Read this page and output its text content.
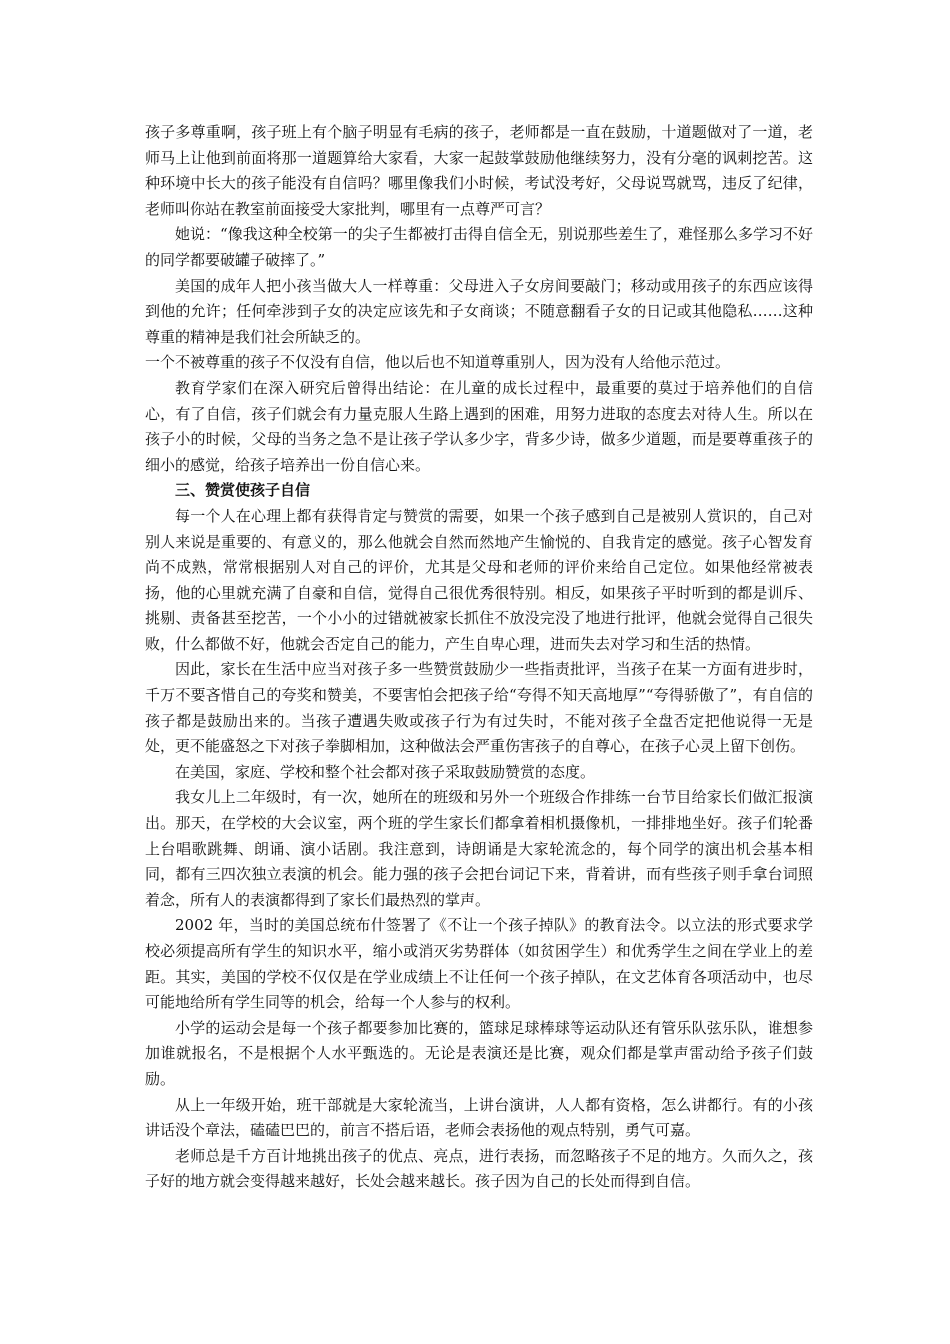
孩子多尊重啊，孩子班上有个脑子明显有毛病的孩子，老师都是一直在鼓励，十道题做对了一道，老师马上让他到前面将那一道题算给大家看，大家一起鼓掌鼓励他继续努力，没有分毫的讽刺挖苦。这种环境中长大的孩子能没有自信吗？哪里像我们小时候，考试没考好，父母说骂就骂，违反了纪律，老师叫你站在教室前面接受大家批判，哪里有一点尊严可言？

她说：“像我这种全校第一的尖子生都被打击得自信全无，别说那些差生了，难怪那么多学习不好的同学都要破罐子破摔了。”

美国的成年人把小孩当做大人一样尊重：父母进入子女房间要敲门；移动或用孩子的东西应该得到他的允许；任何牵涉到子女的决定应该先和子女商谈；不随意翻看子女的日记或其他隐私……这种尊重的精神是我们社会所缺乏的。

一个不被尊重的孩子不仅没有自信，他以后也不知道尊重别人，因为没有人给他示范过。

教育学家们在深入研究后曾得出结论：在儿童的成长过程中，最重要的莫过于培养他们的自信心，有了自信，孩子们就会有力量克服人生路上遇到的困难，用努力进取的态度去对待人生。所以在孩子小的时候，父母的当务之急不是让孩子学认多少字，背多少诗，做多少道题，而是要尊重孩子的细小的感觉，给孩子培养出一份自信心来。

三、赞赏使孩子自信

每一个人在心理上都有获得肯定与赞赏的需要，如果一个孩子感到自己是被别人赏识的，自己对别人来说是重要的、有意义的，那么他就会自然而然地产生愉悦的、自我肯定的感觉。孩子心智发育尚不成熟，常常根据别人对自己的评价，尤其是父母和老师的评价来给自己定位。如果他经常被表扬，他的心里就充满了自豪和自信，觉得自己很优秀很特别。相反，如果孩子平时听到的都是训斥、挑剔、责备甚至挖苦，一个小小的过错就被家长抓住不放没完没了地进行批评，他就会觉得自己很失败，什么都做不好，他就会否定自己的能力，产生自卑心理，进而失去对学习和生活的热情。

因此，家长在生活中应当对孩子多一些赞赏鼓励少一些指责批评，当孩子在某一方面有进步时，千万不要吝惜自己的夸奖和赞美，不要害怕会把孩子给“夸得不知天高地厚”“夸得骄傲了”，有自信的孩子都是鼓励出来的。当孩子遭遇失败或孩子行为有过失时，不能对孩子全盘否定把他说得一无是处，更不能盛怒之下对孩子拳脚相加，这种做法会严重伤害孩子的自尊心，在孩子心灵上留下创伤。

在美国，家庭、学校和整个社会都对孩子采取鼓励赞赏的态度。

我女儿上二年级时，有一次，她所在的班级和另外一个班级合作排练一台节目给家长们做汇报演出。那天，在学校的大会议室，两个班的学生家长们都拿着相机摄像机，一排排地坐好。孩子们轮番上台唱歌跳舞、朗诵、演小话剧。我注意到，诗朗诵是大家轮流念的，每个同学的演出机会基本相同，都有三四次独立表演的机会。能力强的孩子会把台词记下来，背着讲，而有些孩子则手拿台词照着念，所有人的表演都得到了家长们最热烈的掌声。

2002 年，当时的美国总统布什签署了《不让一个孩子掉队》的教育法令。以立法的形式要求学校必须提高所有学生的知识水平，缩小或消灭劣势群体（如贫困学生）和优秀学生之间在学业上的差距。其实，美国的学校不仅仅是在学业成绩上不让任何一个孩子掉队，在文艺体育各项活动中，也尽可能地给所有学生同等的机会，给每一个人参与的权利。

小学的运动会是每一个孩子都要参加比赛的，篮球足球棒球等运动队还有管乐队弦乐队，谁想参加谁就报名，不是根据个人水平甄选的。无论是表演还是比赛，观众们都是掌声雷动给予孩子们鼓励。

从上一年级开始，班干部就是大家轮流当，上讲台演讲，人人都有资格，怎么讲都行。有的小孩讲话没个章法，磕磕巴巴的，前言不搭后语，老师会表扬他的观点特别，勇气可嘉。

老师总是千方百计地挑出孩子的优点、亮点，进行表扬，而忽略孩子不足的地方。久而久之，孩子好的地方就会变得越来越好，长处会越来越长。孩子因为自己的长处而得到自信。
